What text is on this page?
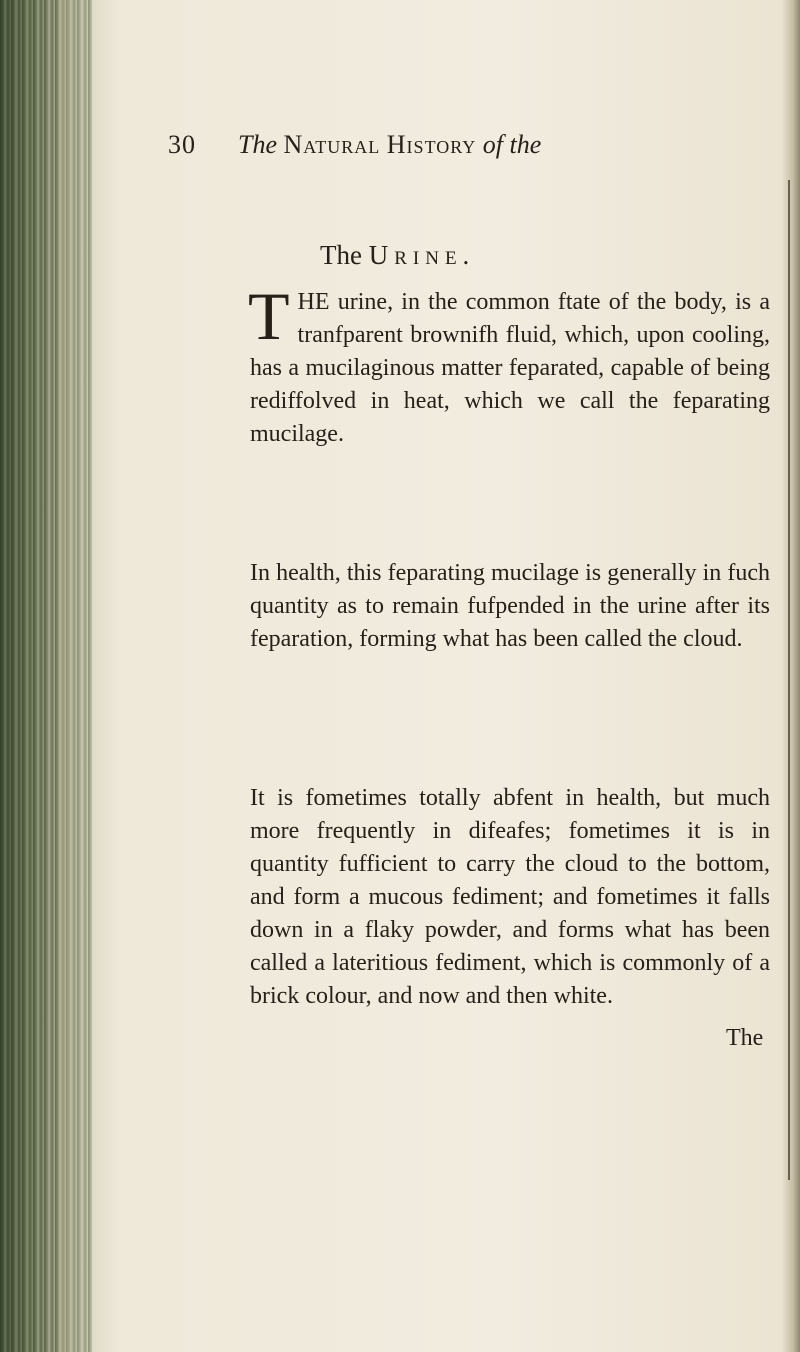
30 The Natural History of the
The Urine.
THE urine, in the common ftate of the body, is a tranfparent brownifh fluid, which, upon cooling, has a mucilaginous matter feparated, capable of being rediffolved in heat, which we call the feparating mucilage.
In health, this feparating mucilage is generally in fuch quantity as to remain fufpended in the urine after its feparation, forming what has been called the cloud.
It is fometimes totally abfent in health, but much more frequently in difeafes; fometimes it is in quantity fufficient to carry the cloud to the bottom, and form a mucous fediment; and fometimes it falls down in a flaky powder, and forms what has been called a lateritious fediment, which is commonly of a brick colour, and now and then white.
The
